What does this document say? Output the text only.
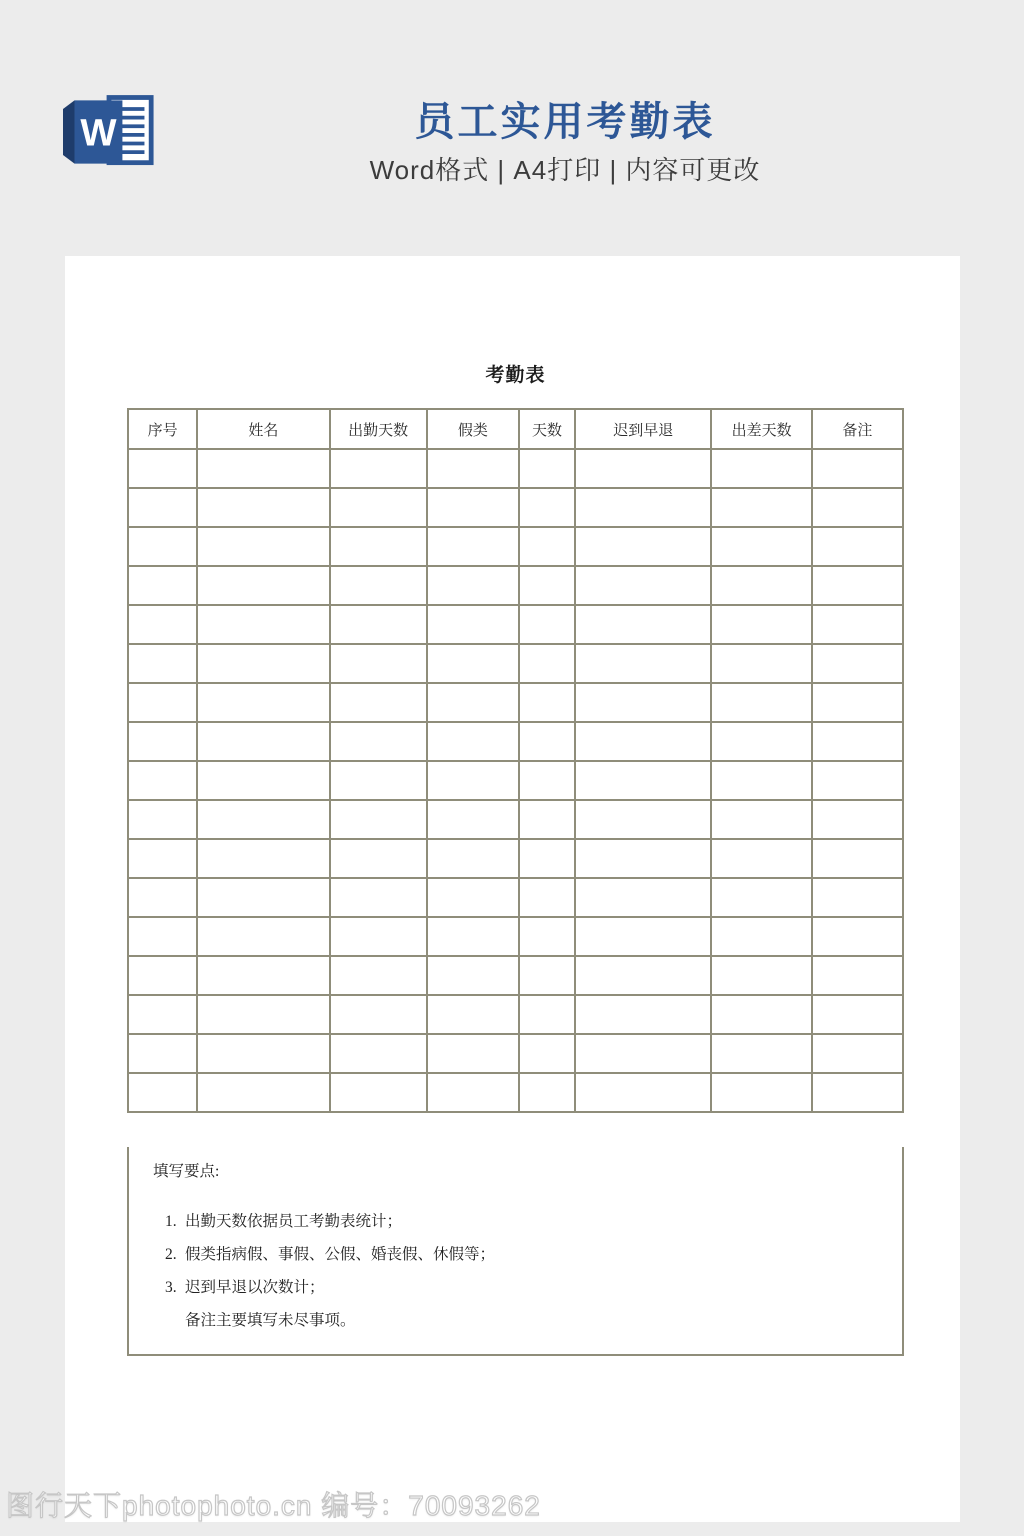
W	员工实用考勤表
Word格式 | A4打印 | 内容可更改
考勤表
序号	姓名	出勤天数	假类	天数	迟到早退	出差天数	备注

填写要点:
1. 出勤天数依据员工考勤表统计；
2. 假类指病假、事假、公假、婚丧假、休假等；
3. 迟到早退以次数计；
备注主要填写未尽事项。
图行天下photophoto.cn 编号：70093262
